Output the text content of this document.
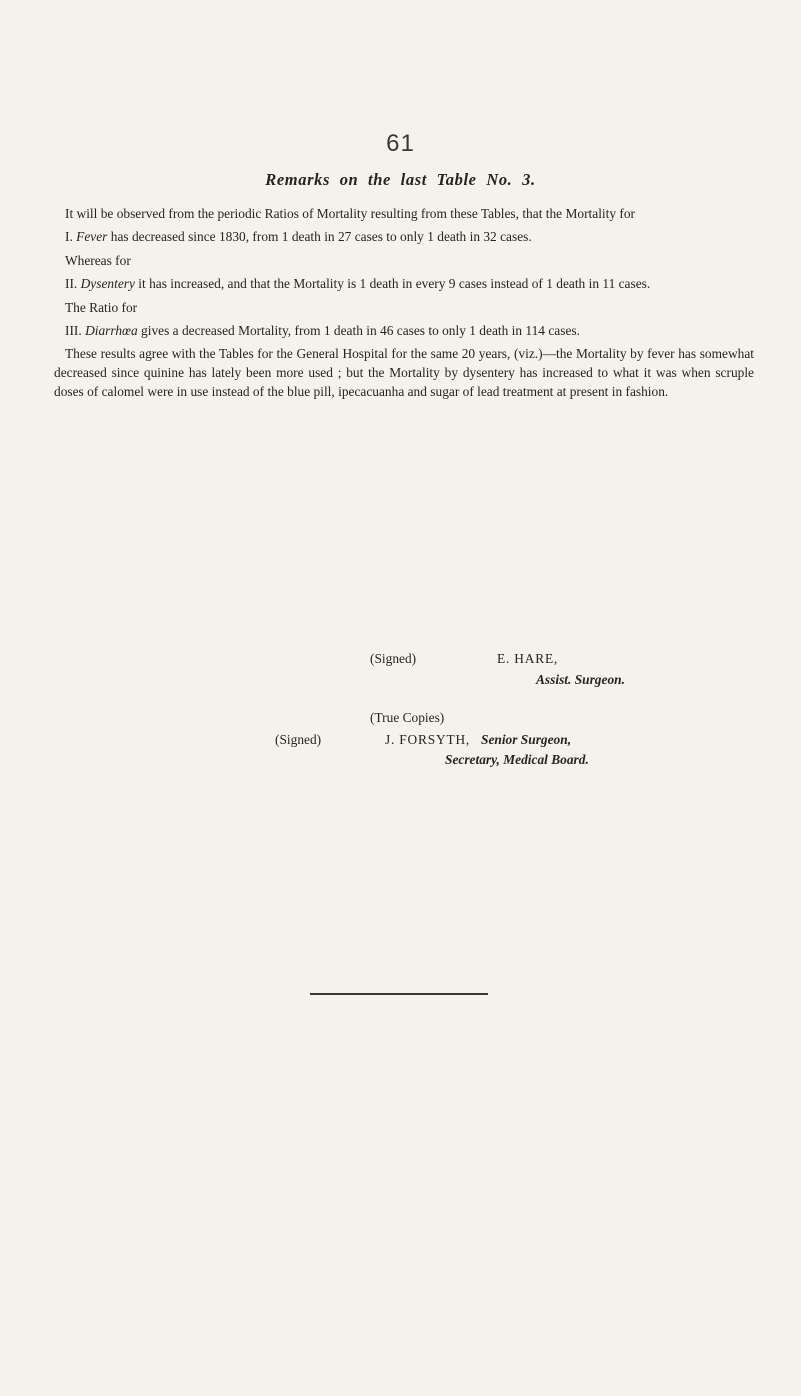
61
Remarks on the last Table No. 3.

It will be observed from the periodic Ratios of Mortality resulting from these Tables, that the Mortality for

I. Fever has decreased since 1830, from 1 death in 27 cases to only 1 death in 32 cases.

Whereas for

II. Dysentery it has increased, and that the Mortality is 1 death in every 9 cases instead of 1 death in 11 cases.

The Ratio for

III. Diarrhœa gives a decreased Mortality, from 1 death in 46 cases to only 1 death in 114 cases.

These results agree with the Tables for the General Hospital for the same 20 years, (viz.)—the Mortality by fever has somewhat decreased since quinine has lately been more used ; but the Mortality by dysentery has increased to what it was when scruple doses of calomel were in use instead of the blue pill, ipecacuanha and sugar of lead treatment at present in fashion.

(Signed)	E. HARE,
Assist. Surgeon.
(True Copies)
(Signed)	J. FORSYTH, Senior Surgeon,
Secretary, Medical Board.
